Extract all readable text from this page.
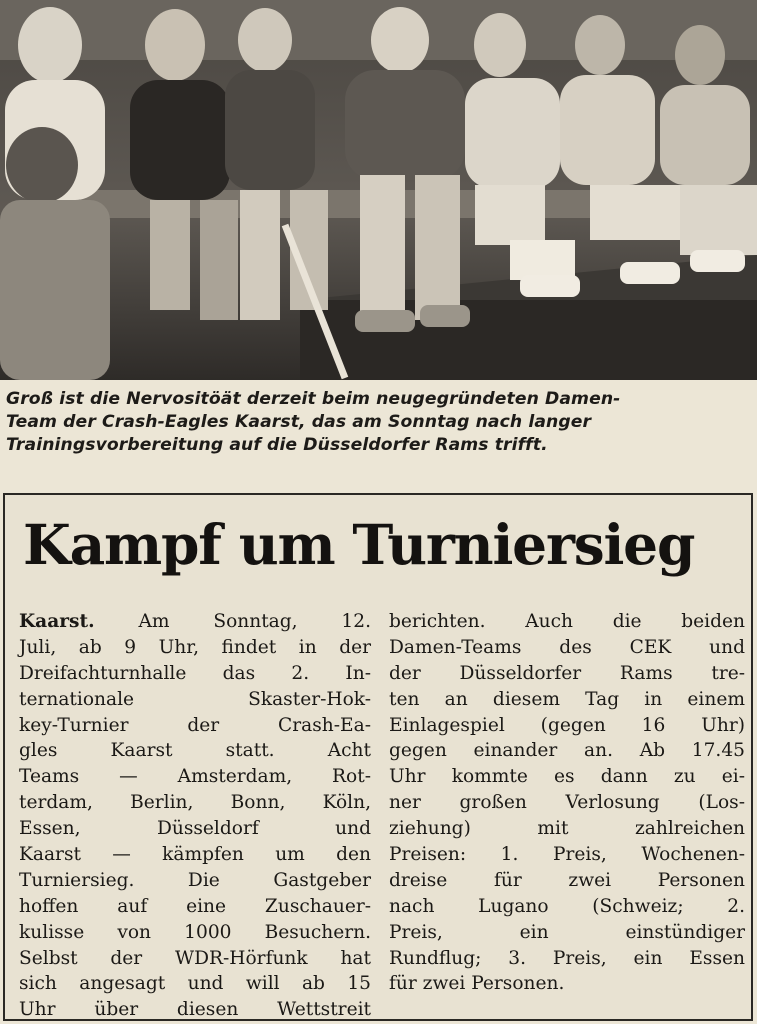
Groß ist die Nervositöät derzeit beim neugegründeten Damen-
Team der Crash-Eagles Kaarst, das am Sonntag nach langer
Trainingsvorbereitung auf die Düsseldorfer Rams trifft.
Kampf um Turniersieg
Kaarst. Am Sonntag, 12.
Juli, ab 9 Uhr, findet in der
Dreifachturnhalle das 2. In-
ternationale Skaster-Hok-
key-Turnier der Crash-Ea-
gles Kaarst statt. Acht
Teams — Amsterdam, Rot-
terdam, Berlin, Bonn, Köln,
Essen, Düsseldorf und
Kaarst — kämpfen um den
Turniersieg. Die Gastgeber
hoffen auf eine Zuschauer-
kulisse von 1000 Besuchern.
Selbst der WDR-Hörfunk hat
sich angesagt und will ab 15
Uhr über diesen Wettstreit
berichten. Auch die beiden
Damen-Teams des CEK und
der Düsseldorfer Rams tre-
ten an diesem Tag in einem
Einlagespiel (gegen 16 Uhr)
gegen einander an. Ab 17.45
Uhr kommte es dann zu ei-
ner großen Verlosung (Los-
ziehung) mit zahlreichen
Preisen: 1. Preis, Wochenen-
dreise für zwei Personen
nach Lugano (Schweiz; 2.
Preis, ein einstündiger
Rundflug; 3. Preis, ein Essen
für zwei Personen.
